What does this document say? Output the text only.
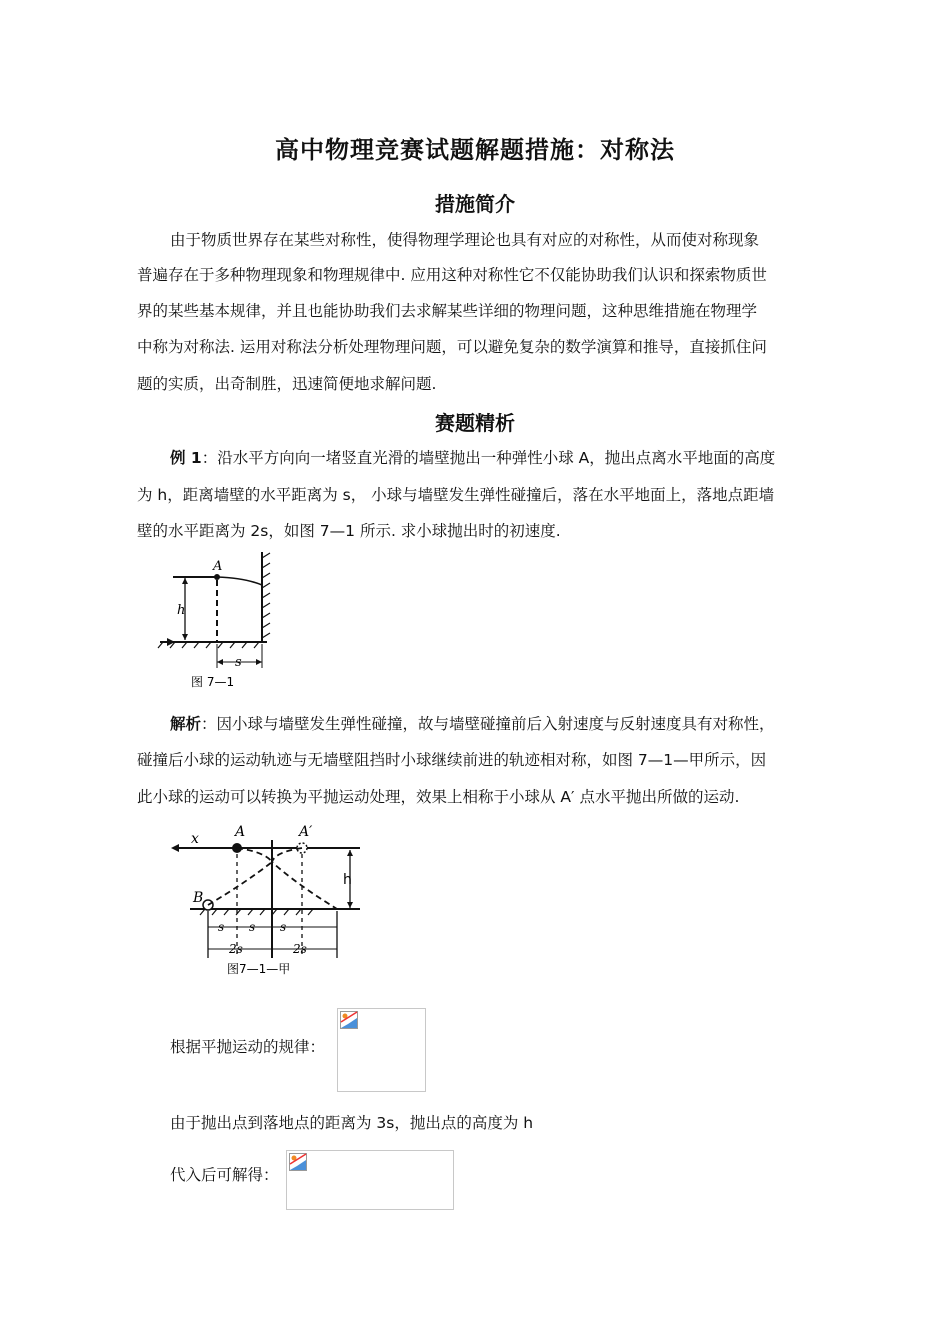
高中物理竞赛试题解题措施：对称法
措施简介
由于物质世界存在某些对称性，使得物理学理论也具有对应的对称性，从而使对称现象
普遍存在于多种物理现象和物理规律中. 应用这种对称性它不仅能协助我们认识和探索物质世
界的某些基本规律，并且也能协助我们去求解某些详细的物理问题，这种思维措施在物理学
中称为对称法. 运用对称法分析处理物理问题，可以避免复杂的数学演算和推导，直接抓住问
题的实质，出奇制胜，迅速简便地求解问题.
赛题精析
例 1：沿水平方向向一堵竖直光滑的墙壁抛出一种弹性小球 A，抛出点离水平地面的高度
为 h，距离墙壁的水平距离为 s， 小球与墙壁发生弹性碰撞后，落在水平地面上，落地点距墙
壁的水平距离为 2s，如图 7—1 所示. 求小球抛出时的初速度.
A
h
s
图 7—1
解析：因小球与墙壁发生弹性碰撞，故与墙壁碰撞前后入射速度与反射速度具有对称性，
碰撞后小球的运动轨迹与无墙壁阻挡时小球继续前进的轨迹相对称，如图 7—1—甲所示，因
此小球的运动可以转换为平抛运动处理，效果上相称于小球从 A′ 点水平抛出所做的运动.
x	A	A′
B
h
s s s
2s	2s
图7—1—甲
根据平抛运动的规律：
由于抛出点到落地点的距离为 3s，抛出点的高度为 h
代入后可解得：
